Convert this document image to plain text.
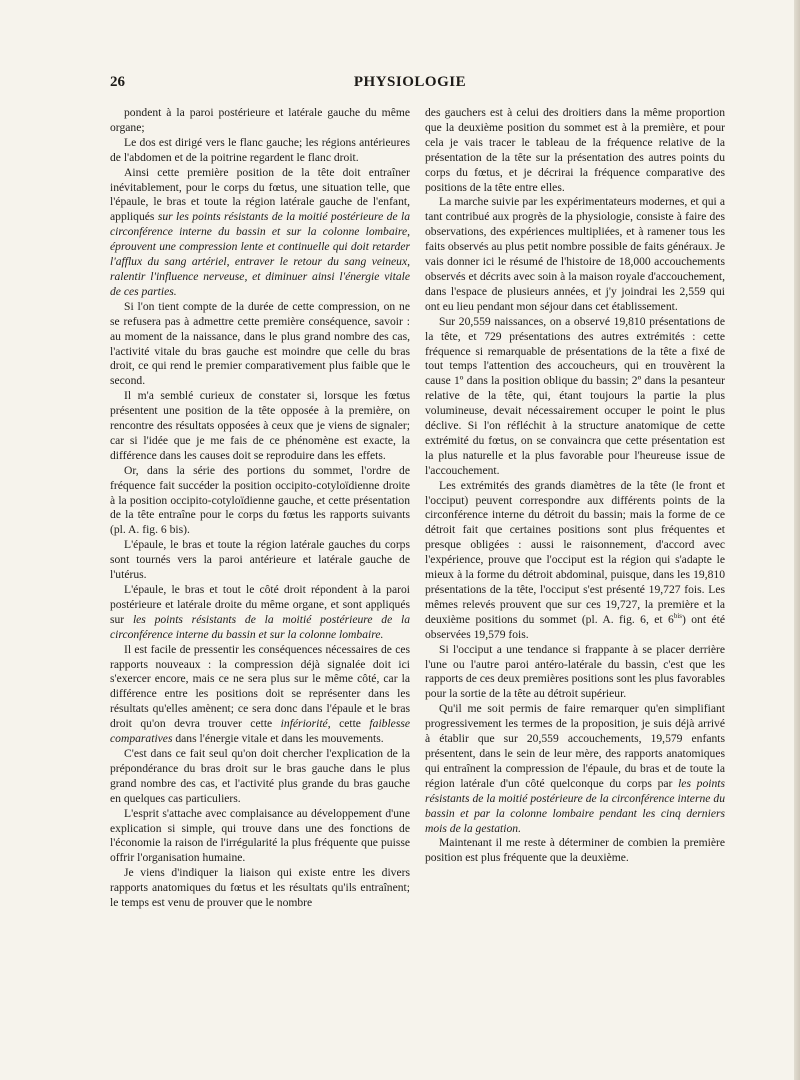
26	PHYSIOLOGIE

pondent à la paroi postérieure et latérale gauche du même organe;

Le dos est dirigé vers le flanc gauche; les régions antérieures de l'abdomen et de la poitrine regardent le flanc droit.

Ainsi cette première position de la tête doit entraîner inévitablement, pour le corps du fœtus, une situation telle, que l'épaule, le bras et toute la région latérale gauche de l'enfant, appliqués sur les points résistants de la moitié postérieure de la circonférence interne du bassin et sur la colonne lombaire, éprouvent une compression lente et continuelle qui doit retarder l'afflux du sang artériel, entraver le retour du sang veineux, ralentir l'influence nerveuse, et diminuer ainsi l'énergie vitale de ces parties.

Si l'on tient compte de la durée de cette compression, on ne se refusera pas à admettre cette première conséquence, savoir : au moment de la naissance, dans le plus grand nombre des cas, l'activité vitale du bras gauche est moindre que celle du bras droit, ce qui rend le premier comparativement plus faible que le second.

Il m'a semblé curieux de constater si, lorsque les fœtus présentent une position de la tête opposée à la première, on rencontre des résultats opposées à ceux que je viens de signaler; car si l'idée que je me fais de ce phénomène est exacte, la différence dans les causes doit se reproduire dans les effets.

Or, dans la série des portions du sommet, l'ordre de fréquence fait succéder la position occipito-cotyloïdienne droite à la position occipito-cotyloïdienne gauche, et cette présentation de la tête entraîne pour le corps du fœtus les rapports suivants (pl. A. fig. 6 bis).

L'épaule, le bras et toute la région latérale gauches du corps sont tournés vers la paroi antérieure et latérale gauche de l'utérus.

L'épaule, le bras et tout le côté droit répondent à la paroi postérieure et latérale droite du même organe, et sont appliqués sur les points résistants de la moitié postérieure de la circonférence interne du bassin et sur la colonne lombaire.

Il est facile de pressentir les conséquences nécessaires de ces rapports nouveaux : la compression déjà signalée doit ici s'exercer encore, mais ce ne sera plus sur le même côté, car la différence entre les positions doit se représenter dans les résultats qu'elles amènent; ce sera donc dans l'épaule et le bras droit qu'on devra trouver cette infériorité, cette faiblesse comparatives dans l'énergie vitale et dans les mouvements.

C'est dans ce fait seul qu'on doit chercher l'explication de la prépondérance du bras droit sur le bras gauche dans le plus grand nombre des cas, et l'activité plus grande du bras gauche en quelques cas particuliers.

L'esprit s'attache avec complaisance au développement d'une explication si simple, qui trouve dans une des fonctions de l'économie la raison de l'irrégularité la plus fréquente que puisse offrir l'organisation humaine.

Je viens d'indiquer la liaison qui existe entre les divers rapports anatomiques du fœtus et les résultats qu'ils entraînent; le temps est venu de prouver que le nombre

des gauchers est à celui des droitiers dans la même proportion que la deuxième position du sommet est à la première, et pour cela je vais tracer le tableau de la fréquence relative de la présentation de la tête sur la présentation des autres points du corps du fœtus, et je décrirai la fréquence comparative des positions de la tête entre elles.

La marche suivie par les expérimentateurs modernes, et qui a tant contribué aux progrès de la physiologie, consiste à faire des observations, des expériences multipliées, et à ramener tous les faits observés au plus petit nombre possible de faits généraux. Je vais donner ici le résumé de l'histoire de 18,000 accouchements observés et décrits avec soin à la maison royale d'accouchement, dans l'espace de plusieurs années, et j'y joindrai les 2,559 qui ont eu lieu pendant mon séjour dans cet établissement.

Sur 20,559 naissances, on a observé 19,810 présentations de la tête, et 729 présentations des autres extrémités : cette fréquence si remarquable de présentations de la tête a fixé de tout temps l'attention des accoucheurs, qui en trouvèrent la cause 1º dans la position oblique du bassin; 2º dans la pesanteur relative de la tête, qui, étant toujours la partie la plus volumineuse, devait nécessairement occuper le point le plus déclive. Si l'on réfléchit à la structure anatomique de cette extrémité du fœtus, on se convaincra que cette présentation est la plus naturelle et la plus favorable pour l'heureuse issue de l'accouchement.

Les extrémités des grands diamètres de la tête (le front et l'occiput) peuvent correspondre aux différents points de la circonférence interne du détroit du bassin; mais la forme de ce détroit fait que certaines positions sont plus fréquentes et presque obligées : aussi le raisonnement, d'accord avec l'expérience, prouve que l'occiput est la région qui s'adapte le mieux à la forme du détroit abdominal, puisque, dans les 19,810 présentations de la tête, l'occiput s'est présenté 19,727 fois. Les mêmes relevés prouvent que sur ces 19,727, la première et la deuxième positions du sommet (pl. A. fig. 6, et $6^{bis}$) ont été observées 19,579 fois.

Si l'occiput a une tendance si frappante à se placer derrière l'une ou l'autre paroi antéro-latérale du bassin, c'est que les rapports de ces deux premières positions sont les plus favorables pour la sortie de la tête au détroit supérieur.

Qu'il me soit permis de faire remarquer qu'en simplifiant progressivement les termes de la proposition, je suis déjà arrivé à établir que sur 20,559 accouchements, 19,579 enfants présentent, dans le sein de leur mère, des rapports anatomiques qui entraînent la compression de l'épaule, du bras et de toute la région latérale d'un côté quelconque du corps par les points résistants de la moitié postérieure de la circonférence interne du bassin et par la colonne lombaire pendant les cinq derniers mois de la gestation.

Maintenant il me reste à déterminer de combien la première position est plus fréquente que la deuxième.
